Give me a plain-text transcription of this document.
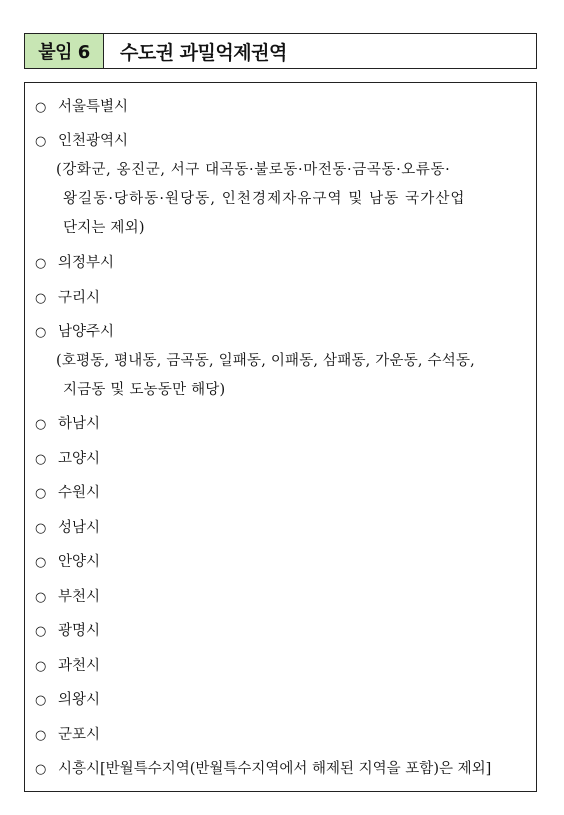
붙임 6	수도권 과밀억제권역
○ 서울특별시
○ 인천광역시
(강화군, 옹진군, 서구 대곡동·불로동·마전동·금곡동·오류동·
왕길동·당하동·원당동, 인천경제자유구역 및 남동 국가산업
단지는 제외)
○ 의정부시
○ 구리시
○ 남양주시
(호평동, 평내동, 금곡동, 일패동, 이패동, 삼패동, 가운동, 수석동,
지금동 및 도농동만 해당)
○ 하남시
○ 고양시
○ 수원시
○ 성남시
○ 안양시
○ 부천시
○ 광명시
○ 과천시
○ 의왕시
○ 군포시
○ 시흥시[반월특수지역(반월특수지역에서 해제된 지역을 포함)은 제외]
